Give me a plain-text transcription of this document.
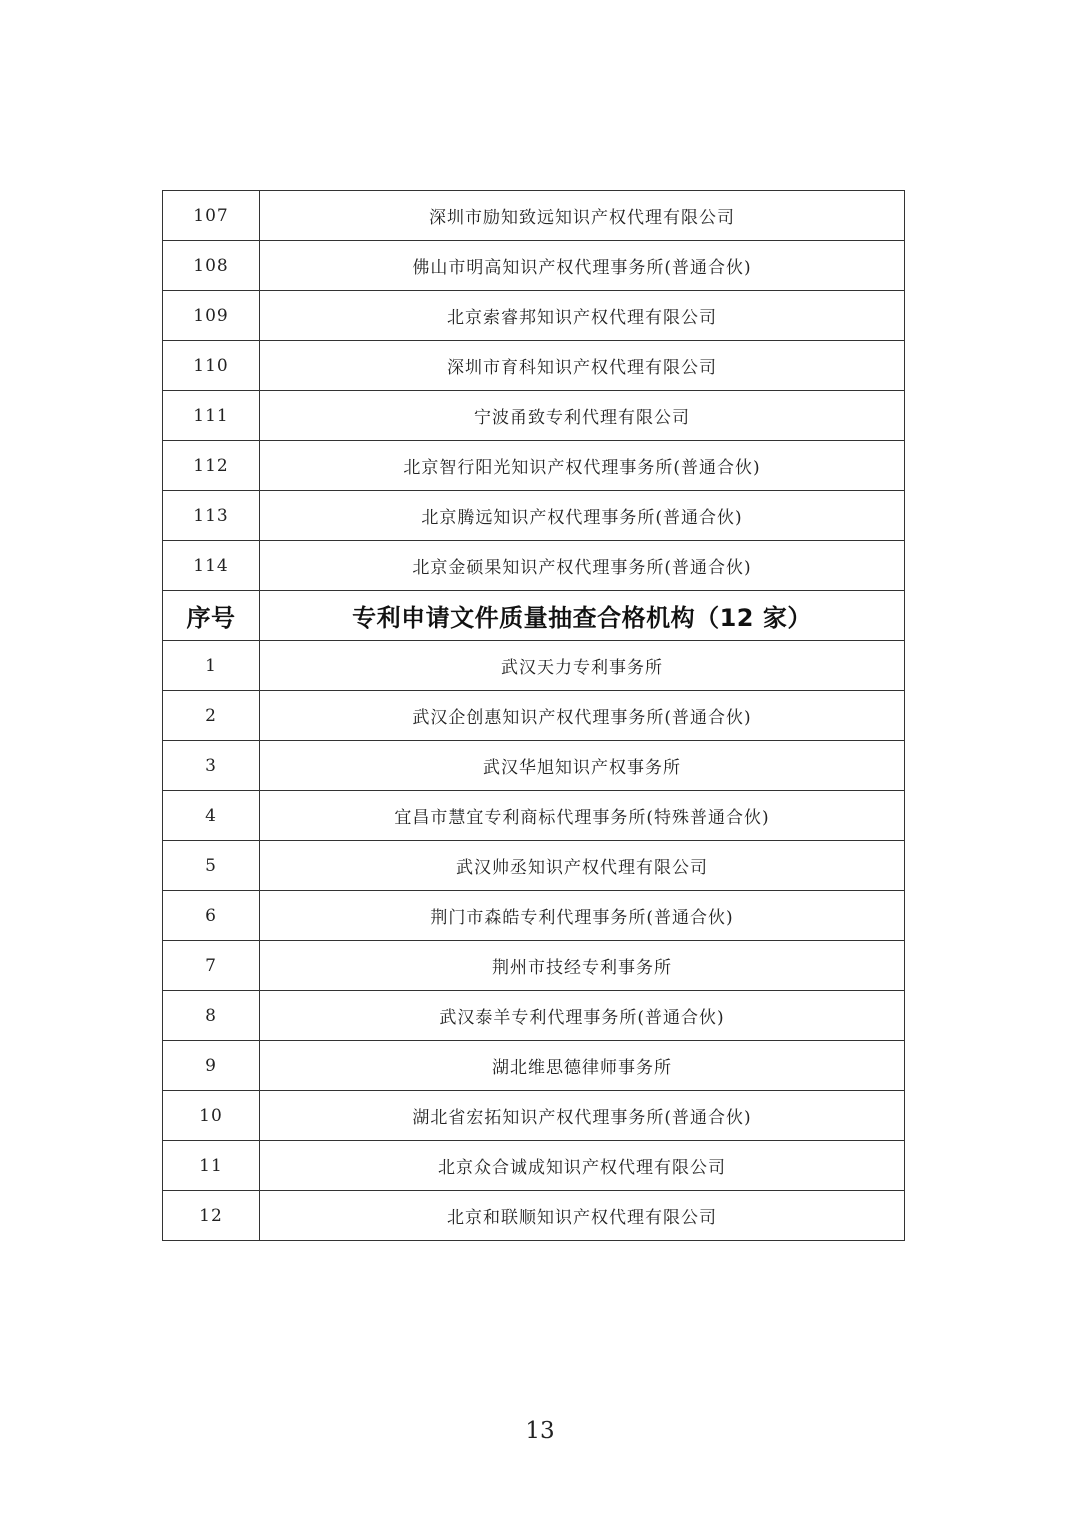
107	深圳市励知致远知识产权代理有限公司
108	佛山市明高知识产权代理事务所(普通合伙)
109	北京索睿邦知识产权代理有限公司
110	深圳市育科知识产权代理有限公司
111	宁波甬致专利代理有限公司
112	北京智行阳光知识产权代理事务所(普通合伙)
113	北京腾远知识产权代理事务所(普通合伙)
114	北京金硕果知识产权代理事务所(普通合伙)
序号	专利申请文件质量抽查合格机构（12 家）
1	武汉天力专利事务所
2	武汉企创惠知识产权代理事务所(普通合伙)
3	武汉华旭知识产权事务所
4	宜昌市慧宜专利商标代理事务所(特殊普通合伙)
5	武汉帅丞知识产权代理有限公司
6	荆门市森皓专利代理事务所(普通合伙)
7	荆州市技经专利事务所
8	武汉泰羊专利代理事务所(普通合伙)
9	湖北维思德律师事务所
10	湖北省宏拓知识产权代理事务所(普通合伙)
11	北京众合诚成知识产权代理有限公司
12	北京和联顺知识产权代理有限公司
13
